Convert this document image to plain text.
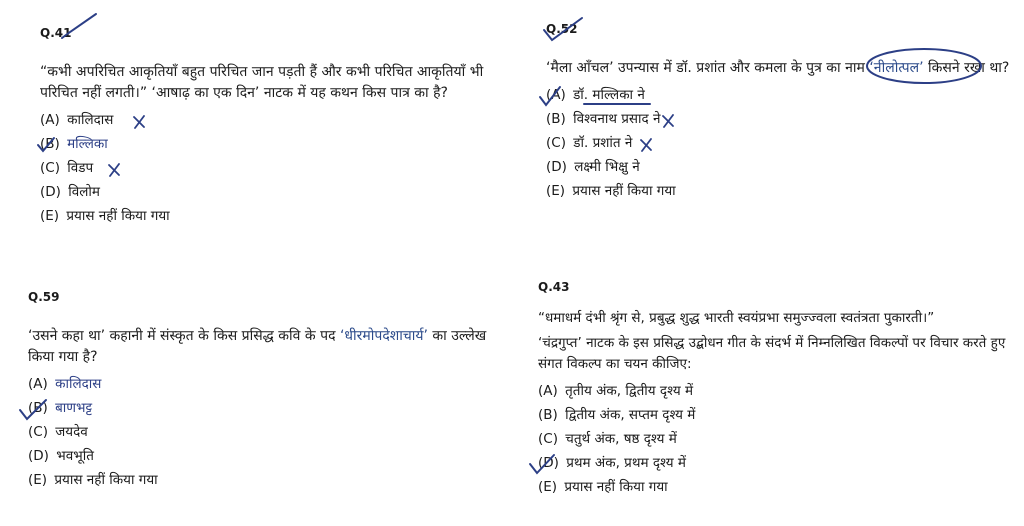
Q.41

“कभी अपरिचित आकृतियाँ बहुत परिचित जान पड़ती हैं और कभी परिचित आकृतियाँ भी परिचित नहीं लगती।” ‘आषाढ़ का एक दिन’ नाटक में यह कथन किस पात्र का है?

(A) कालिदास
(B) मल्लिका
(C) विडप
(D) विलोम
(E) प्रयास नहीं किया गया
Q.52

‘मैला आँचल’ उपन्यास में डॉ. प्रशांत और कमला के पुत्र का नाम ‘नीलोत्पल’ किसने रखा था?

(A) डॉ. मल्लिका ने
(B) विश्वनाथ प्रसाद ने
(C) डॉ. प्रशांत ने
(D) लक्ष्मी भिक्षु ने
(E) प्रयास नहीं किया गया
Q.59

‘उसने कहा था’ कहानी में संस्कृत के किस प्रसिद्ध कवि के पद ‘धीरमोपदेशाचार्य’ का उल्लेख किया गया है?

(A) कालिदास
(B) बाणभट्ट
(C) जयदेव
(D) भवभूति
(E) प्रयास नहीं किया गया
Q.43

“धमाधर्म दंभी श्रृंग से, प्रबुद्ध शुद्ध भारती स्वयंप्रभा समुज्ज्वला स्वतंत्रता पुकारती।”

‘चंद्रगुप्त’ नाटक के इस प्रसिद्ध उद्बोधन गीत के संदर्भ में निम्नलिखित विकल्पों पर विचार करते हुए संगत विकल्प का चयन कीजिए:

(A) तृतीय अंक, द्वितीय दृश्य में
(B) द्वितीय अंक, सप्तम दृश्य में
(C) चतुर्थ अंक, षष्ठ दृश्य में
(D) प्रथम अंक, प्रथम दृश्य में
(E) प्रयास नहीं किया गया
